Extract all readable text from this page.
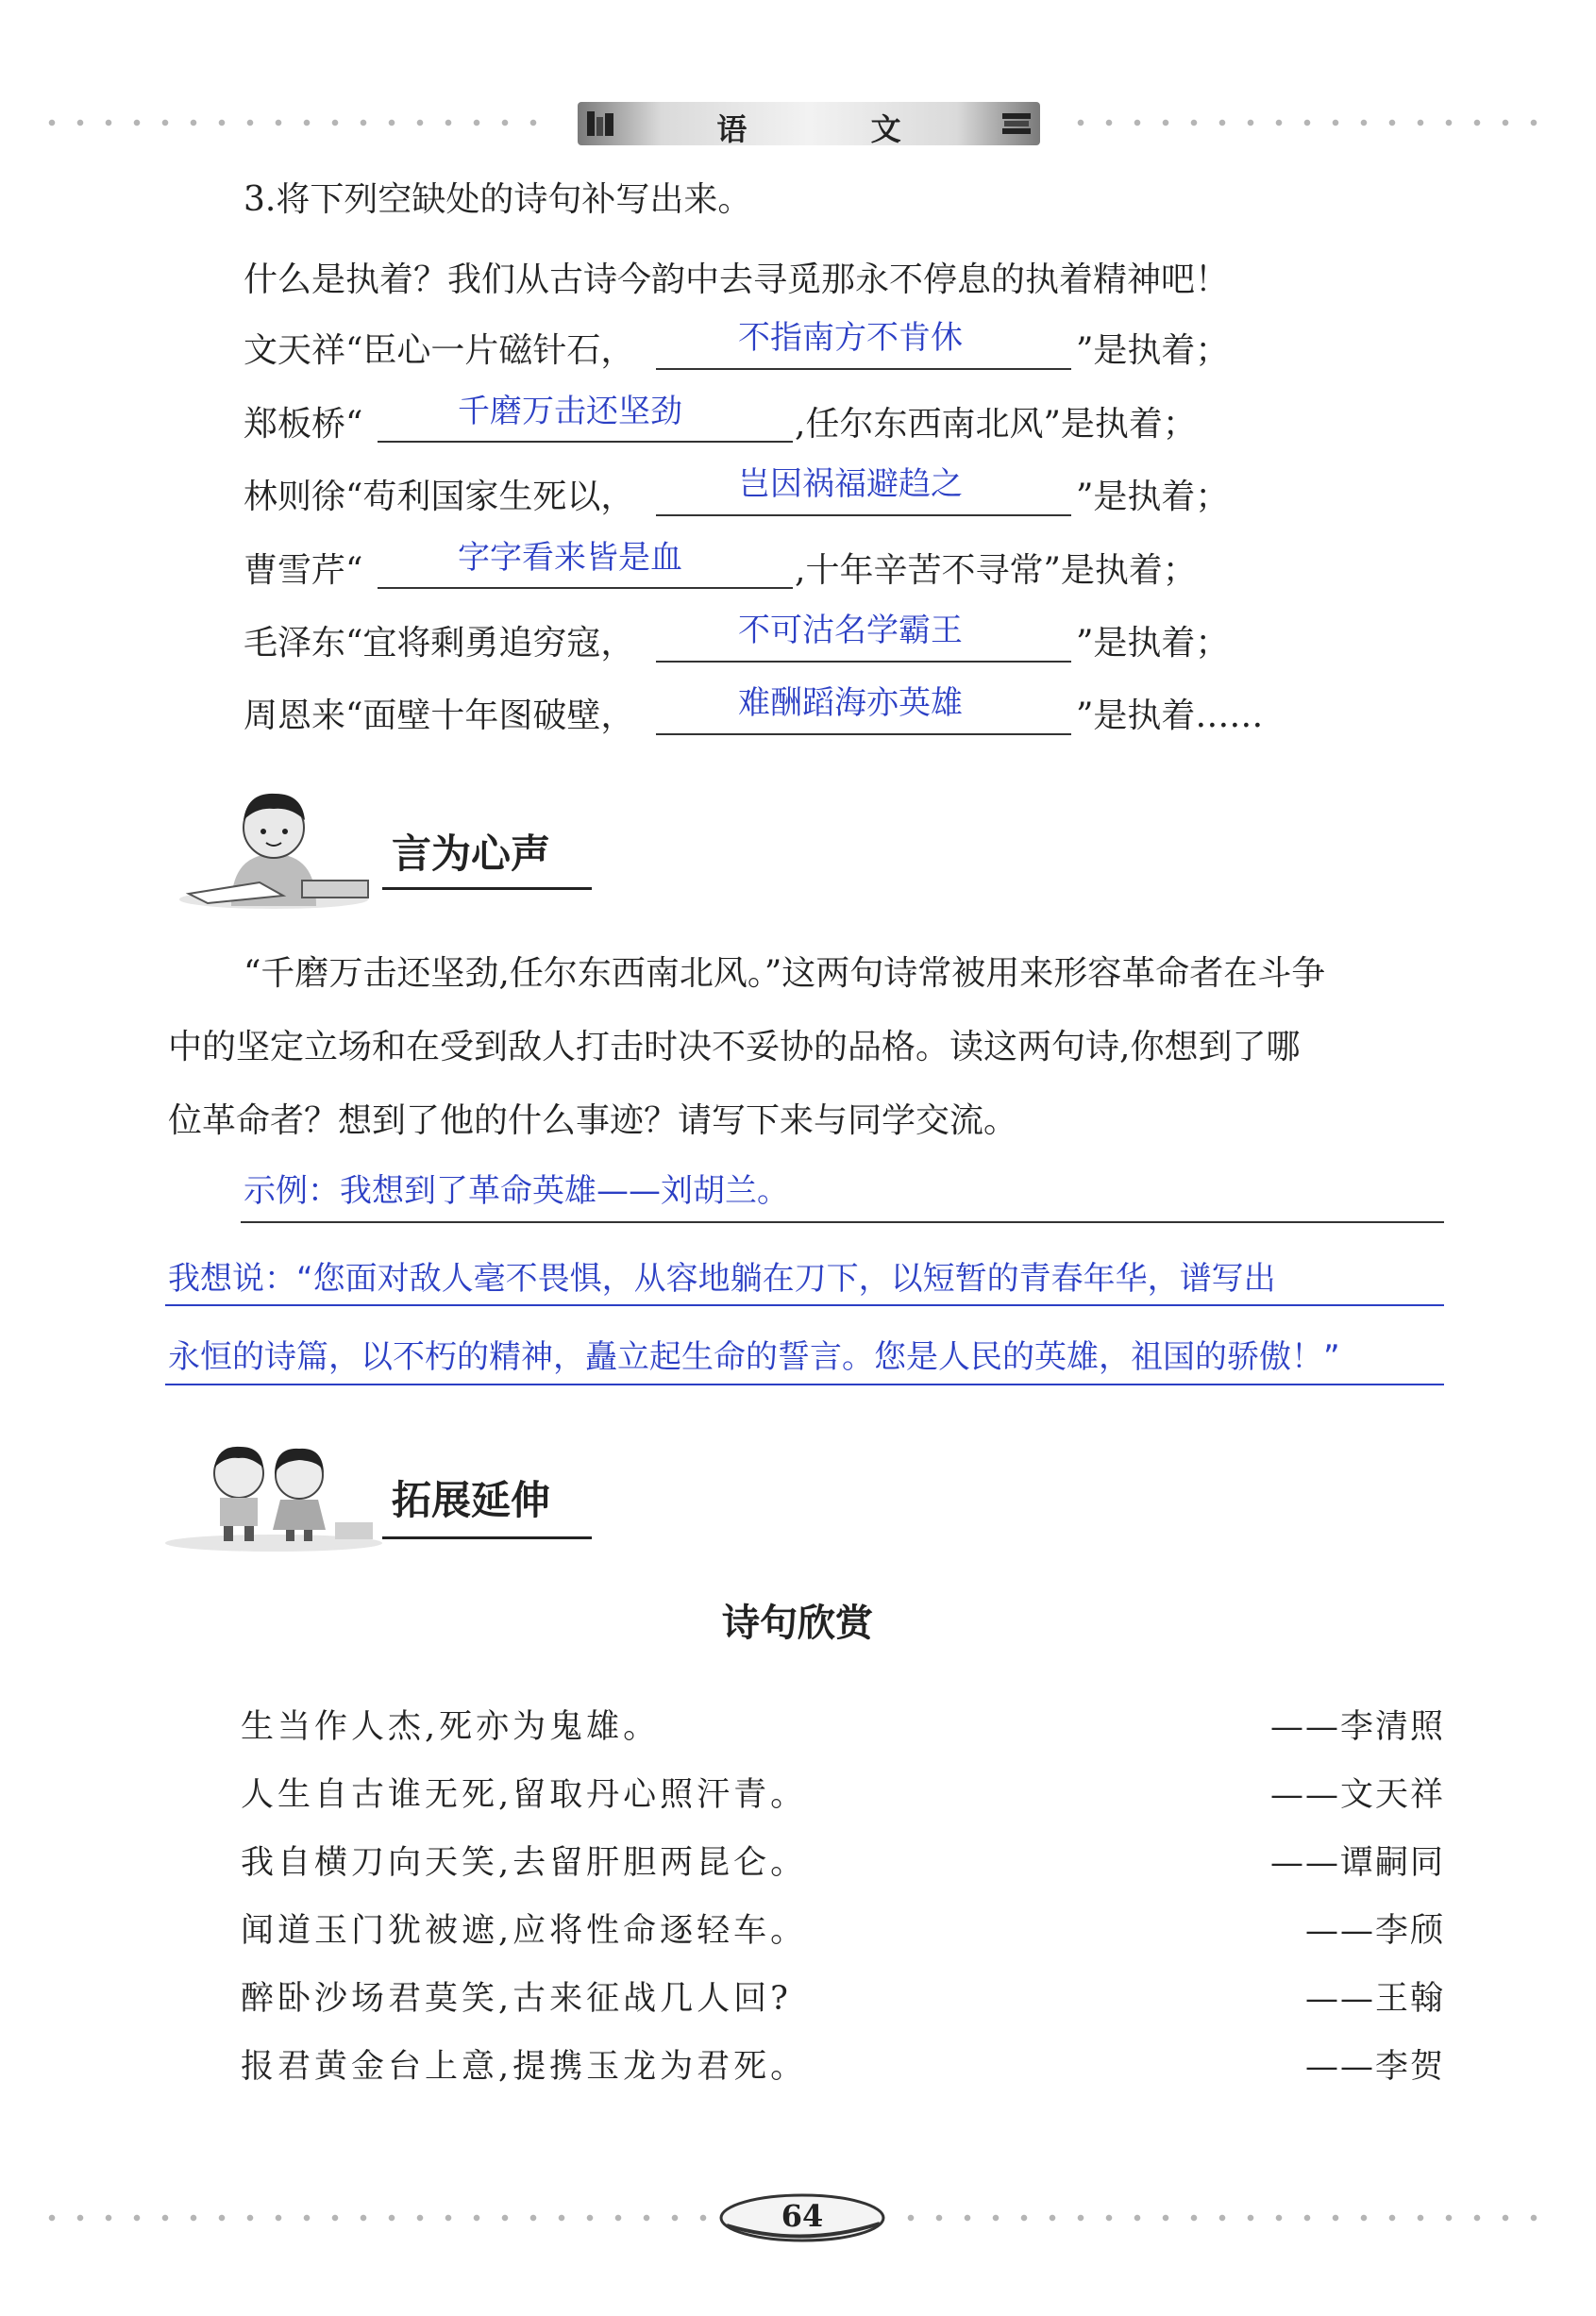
语 文
3.将下列空缺处的诗句补写出来。
什么是执着？我们从古诗今韵中去寻觅那永不停息的执着精神吧！
文天祥“臣心一片磁针石，	不指南方不肯休	”是执着；
郑板桥“	千磨万击还坚劲	,任尔东西南北风”是执着；
林则徐“苟利国家生死以，	岂因祸福避趋之	”是执着；
曹雪芹“	字字看来皆是血	,十年辛苦不寻常”是执着；
毛泽东“宜将剩勇追穷寇，	不可沽名学霸王	”是执着；
周恩来“面壁十年图破壁，	难酬蹈海亦英雄	”是执着……
言为心声
“千磨万击还坚劲,任尔东西南北风。”这两句诗常被用来形容革命者在斗争
中的坚定立场和在受到敌人打击时决不妥协的品格。读这两句诗,你想到了哪
位革命者？想到了他的什么事迹？请写下来与同学交流。
示例：我想到了革命英雄——刘胡兰。
我想说：“您面对敌人毫不畏惧，从容地躺在刀下，以短暂的青春年华，谱写出
永恒的诗篇，以不朽的精神，矗立起生命的誓言。您是人民的英雄，祖国的骄傲！”
拓展延伸
诗句欣赏
生当作人杰,死亦为鬼雄。	——李清照
人生自古谁无死,留取丹心照汗青。	——文天祥
我自横刀向天笑,去留肝胆两昆仑。	——谭嗣同
闻道玉门犹被遮,应将性命逐轻车。	——李颀
醉卧沙场君莫笑,古来征战几人回?	——王翰
报君黄金台上意,提携玉龙为君死。	——李贺
64
